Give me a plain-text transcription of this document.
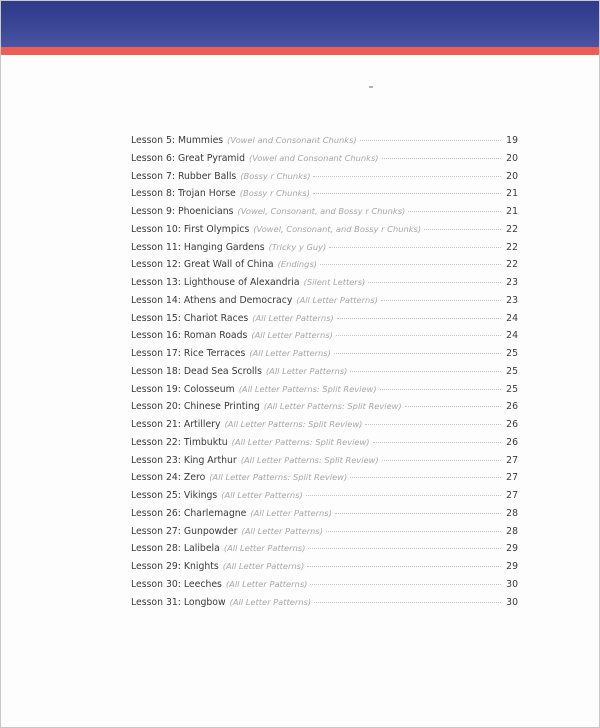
Lesson 5: Mummies (Vowel and Consonant Chunks)	19
Lesson 6: Great Pyramid (Vowel and Consonant Chunks)	20
Lesson 7: Rubber Balls (Bossy r Chunks)	20
Lesson 8: Trojan Horse (Bossy r Chunks)	21
Lesson 9: Phoenicians (Vowel, Consonant, and Bossy r Chunks)	21
Lesson 10: First Olympics (Vowel, Consonant, and Bossy r Chunks)	22
Lesson 11: Hanging Gardens (Tricky y Guy)	22
Lesson 12: Great Wall of China (Endings)	22
Lesson 13: Lighthouse of Alexandria (Silent Letters)	23
Lesson 14: Athens and Democracy (All Letter Patterns)	23
Lesson 15: Chariot Races (All Letter Patterns)	24
Lesson 16: Roman Roads (All Letter Patterns)	24
Lesson 17: Rice Terraces (All Letter Patterns)	25
Lesson 18: Dead Sea Scrolls (All Letter Patterns)	25
Lesson 19: Colosseum (All Letter Patterns: Split Review)	25
Lesson 20: Chinese Printing (All Letter Patterns: Split Review)	26
Lesson 21: Artillery (All Letter Patterns: Split Review)	26
Lesson 22: Timbuktu (All Letter Patterns: Split Review)	26
Lesson 23: King Arthur (All Letter Patterns: Split Review)	27
Lesson 24: Zero (All Letter Patterns: Split Review)	27
Lesson 25: Vikings (All Letter Patterns)	27
Lesson 26: Charlemagne (All Letter Patterns)	28
Lesson 27: Gunpowder (All Letter Patterns)	28
Lesson 28: Lalibela (All Letter Patterns)	29
Lesson 29: Knights (All Letter Patterns)	29
Lesson 30: Leeches (All Letter Patterns)	30
Lesson 31: Longbow (All Letter Patterns)	30
